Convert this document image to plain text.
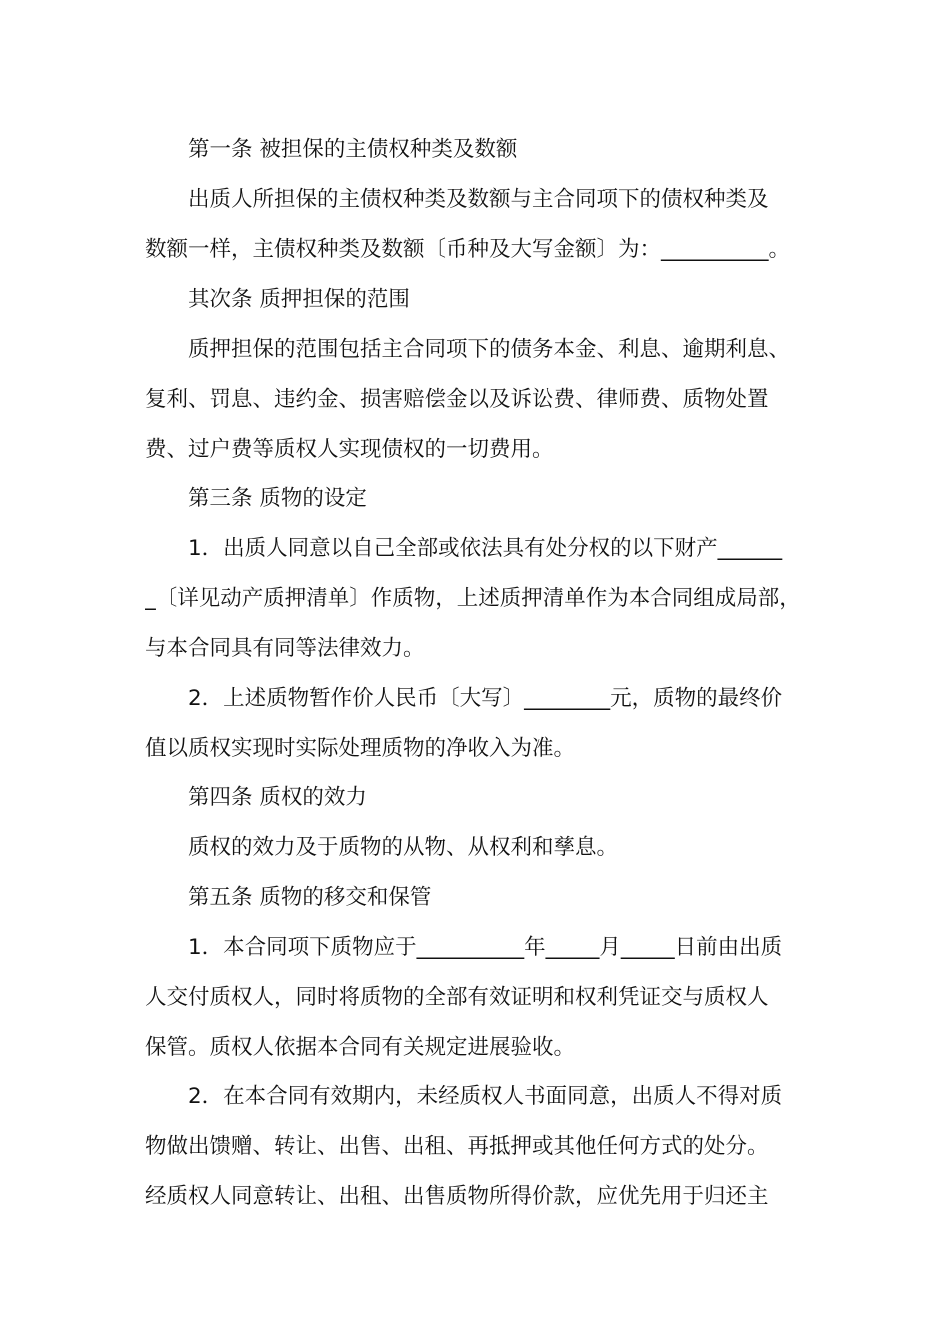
第一条 被担保的主债权种类及数额
出质人所担保的主债权种类及数额与主合同项下的债权种类及
数额一样，主债权种类及数额〔币种及大写金额〕为：__________。
其次条 质押担保的范围
质押担保的范围包括主合同项下的债务本金、利息、逾期利息、
复利、罚息、违约金、损害赔偿金以及诉讼费、律师费、质物处置
费、过户费等质权人实现债权的一切费用。
第三条 质物的设定
1．出质人同意以自己全部或依法具有处分权的以下财产______
_〔详见动产质押清单〕作质物，上述质押清单作为本合同组成局部，
与本合同具有同等法律效力。
2．上述质物暂作价人民币〔大写〕________元，质物的最终价
值以质权实现时实际处理质物的净收入为准。
第四条 质权的效力
质权的效力及于质物的从物、从权利和孳息。
第五条 质物的移交和保管
1．本合同项下质物应于__________年_____月_____日前由出质
人交付质权人，同时将质物的全部有效证明和权利凭证交与质权人
保管。质权人依据本合同有关规定进展验收。
2．在本合同有效期内，未经质权人书面同意，出质人不得对质
物做出馈赠、转让、出售、出租、再抵押或其他任何方式的处分。
经质权人同意转让、出租、出售质物所得价款，应优先用于归还主
